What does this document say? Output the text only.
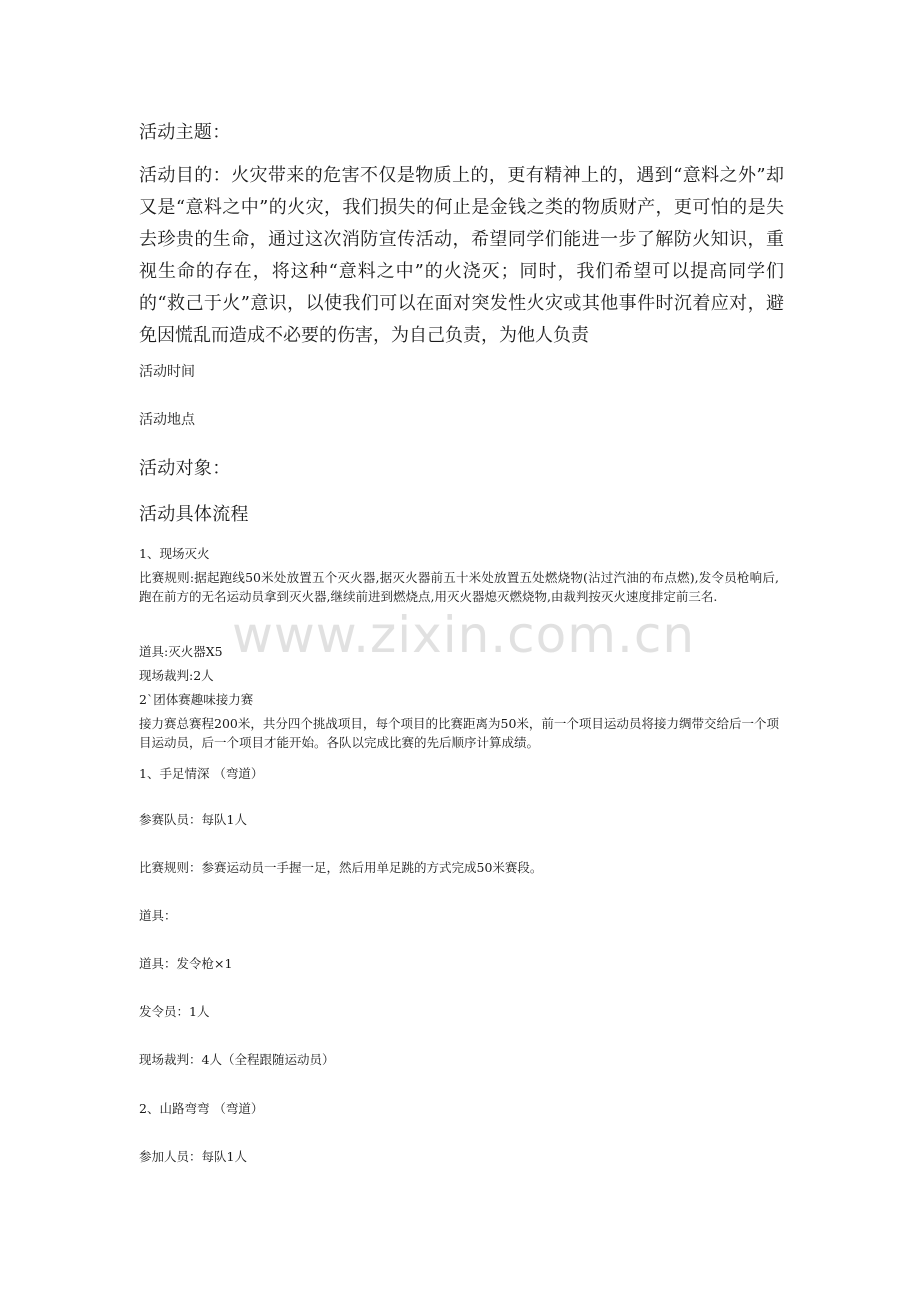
活动主题：

活动目的：火灾带来的危害不仅是物质上的，更有精神上的，遇到“意料之外”却又是“意料之中”的火灾，我们损失的何止是金钱之类的物质财产，更可怕的是失去珍贵的生命，通过这次消防宣传活动，希望同学们能进一步了解防火知识，重视生命的存在，将这种“意料之中”的火浇灭；同时，我们希望可以提高同学们的“救己于火”意识，以使我们可以在面对突发性火灾或其他事件时沉着应对，避免因慌乱而造成不必要的伤害，为自己负责，为他人负责

活动时间

活动地点

活动对象：

活动具体流程

1、现场灭火

比赛规则:据起跑线50米处放置五个灭火器,据灭火器前五十米处放置五处燃烧物(沾过汽油的布点燃),发令员枪响后,跑在前方的无名运动员拿到灭火器,继续前进到燃烧点,用灭火器熄灭燃烧物,由裁判按灭火速度排定前三名.

道具:灭火器X5

现场裁判:2人

2`团体赛趣味接力赛

接力赛总赛程200米，共分四个挑战项目，每个项目的比赛距离为50米，前一个项目运动员将接力绸带交给后一个项目运动员，后一个项目才能开始。各队以完成比赛的先后顺序计算成绩。

1、手足情深 （弯道）

参赛队员：每队1人

比赛规则：参赛运动员一手握一足，然后用单足跳的方式完成50米赛段。

道具：

道具：发令枪×1

发令员：1人

现场裁判：4人（全程跟随运动员）

2、山路弯弯 （弯道）

参加人员：每队1人

www.zixin.com.cn
